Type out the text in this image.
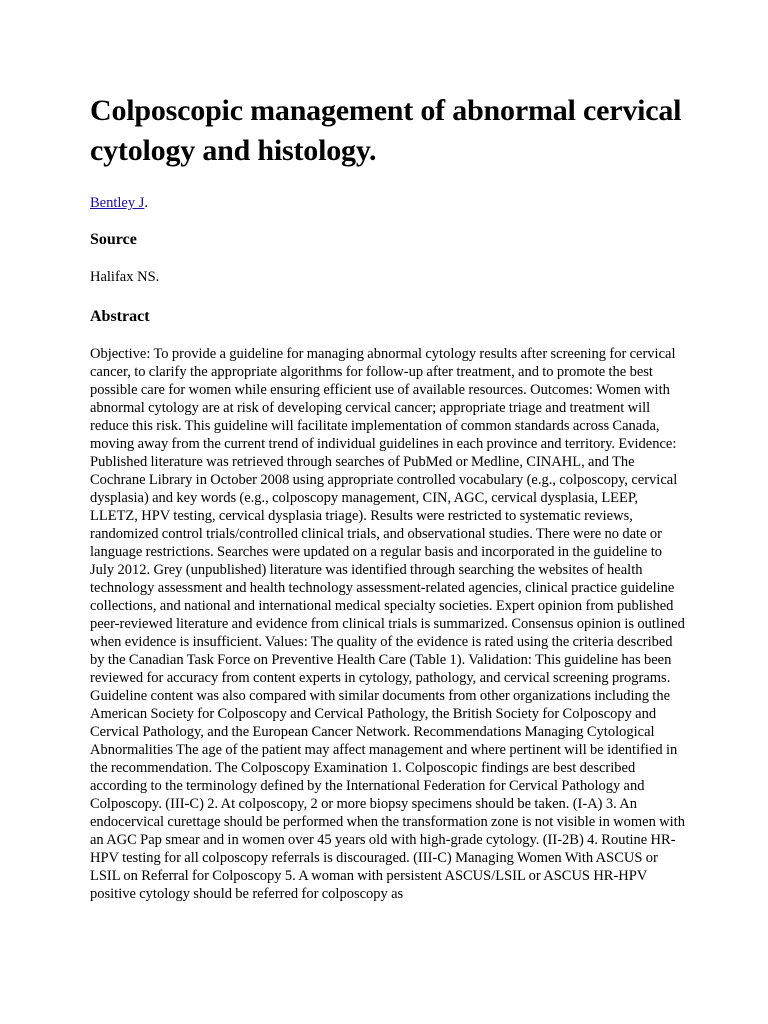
Colposcopic management of abnormal cervical cytology and histology.

Bentley J.

Source

Halifax NS.

Abstract

Objective: To provide a guideline for managing abnormal cytology results after screening for cervical cancer, to clarify the appropriate algorithms for follow-up after treatment, and to promote the best possible care for women while ensuring efficient use of available resources. Outcomes: Women with abnormal cytology are at risk of developing cervical cancer; appropriate triage and treatment will reduce this risk. This guideline will facilitate implementation of common standards across Canada, moving away from the current trend of individual guidelines in each province and territory. Evidence: Published literature was retrieved through searches of PubMed or Medline, CINAHL, and The Cochrane Library in October 2008 using appropriate controlled vocabulary (e.g., colposcopy, cervical dysplasia) and key words (e.g., colposcopy management, CIN, AGC, cervical dysplasia, LEEP, LLETZ, HPV testing, cervical dysplasia triage). Results were restricted to systematic reviews, randomized control trials/controlled clinical trials, and observational studies. There were no date or language restrictions. Searches were updated on a regular basis and incorporated in the guideline to July 2012. Grey (unpublished) literature was identified through searching the websites of health technology assessment and health technology assessment-related agencies, clinical practice guideline collections, and national and international medical specialty societies. Expert opinion from published peer-reviewed literature and evidence from clinical trials is summarized. Consensus opinion is outlined when evidence is insufficient. Values: The quality of the evidence is rated using the criteria described by the Canadian Task Force on Preventive Health Care (Table 1). Validation: This guideline has been reviewed for accuracy from content experts in cytology, pathology, and cervical screening programs. Guideline content was also compared with similar documents from other organizations including the American Society for Colposcopy and Cervical Pathology, the British Society for Colposcopy and Cervical Pathology, and the European Cancer Network. Recommendations Managing Cytological Abnormalities The age of the patient may affect management and where pertinent will be identified in the recommendation. The Colposcopy Examination 1. Colposcopic findings are best described according to the terminology defined by the International Federation for Cervical Pathology and Colposcopy. (III-C) 2. At colposcopy, 2 or more biopsy specimens should be taken. (I-A) 3. An endocervical curettage should be performed when the transformation zone is not visible in women with an AGC Pap smear and in women over 45 years old with high-grade cytology. (II-2B) 4. Routine HR-HPV testing for all colposcopy referrals is discouraged. (III-C) Managing Women With ASCUS or LSIL on Referral for Colposcopy 5. A woman with persistent ASCUS/LSIL or ASCUS HR-HPV positive cytology should be referred for colposcopy as
